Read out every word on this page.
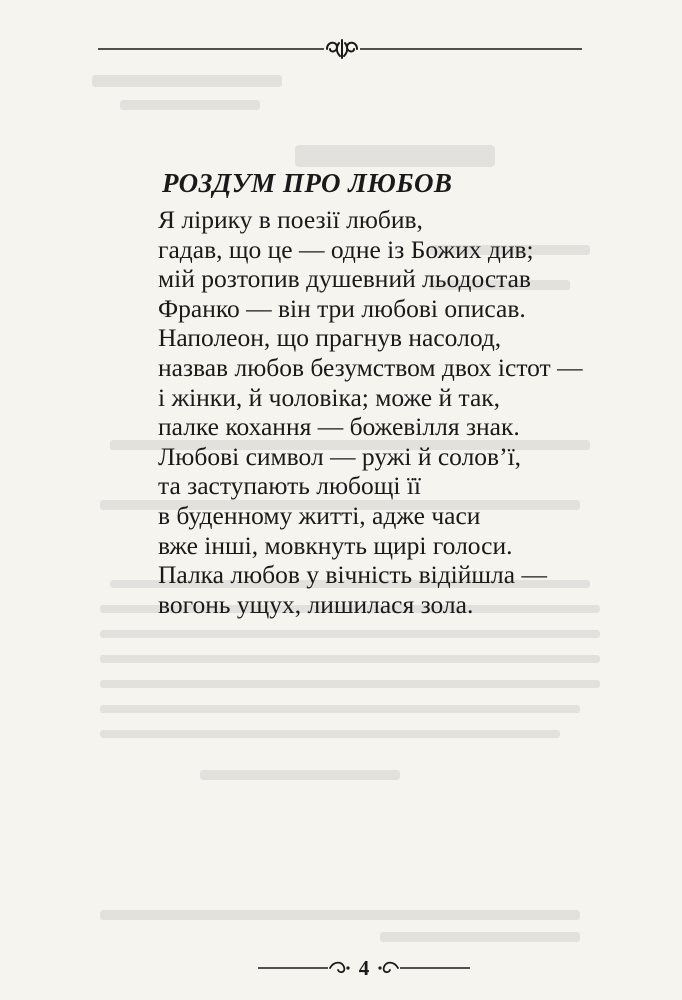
РОЗДУМ ПРО ЛЮБОВ
Я лірику в поезії любив,
гадав, що це — одне із Божих див;
мій розтопив душевний льодостав
Франко — він три любові описав.
Наполеон, що прагнув насолод,
назвав любов безумством двох істот —
і жінки, й чоловіка; може й так,
палке кохання — божевілля знак.
Любові символ — ружі й солов’ї,
та заступають любощі її
в буденному житті, адже часи
вже інші, мовкнуть щирі голоси.
Палка любов у вічність відійшла —
вогонь ущух, лишилася зола.
4
